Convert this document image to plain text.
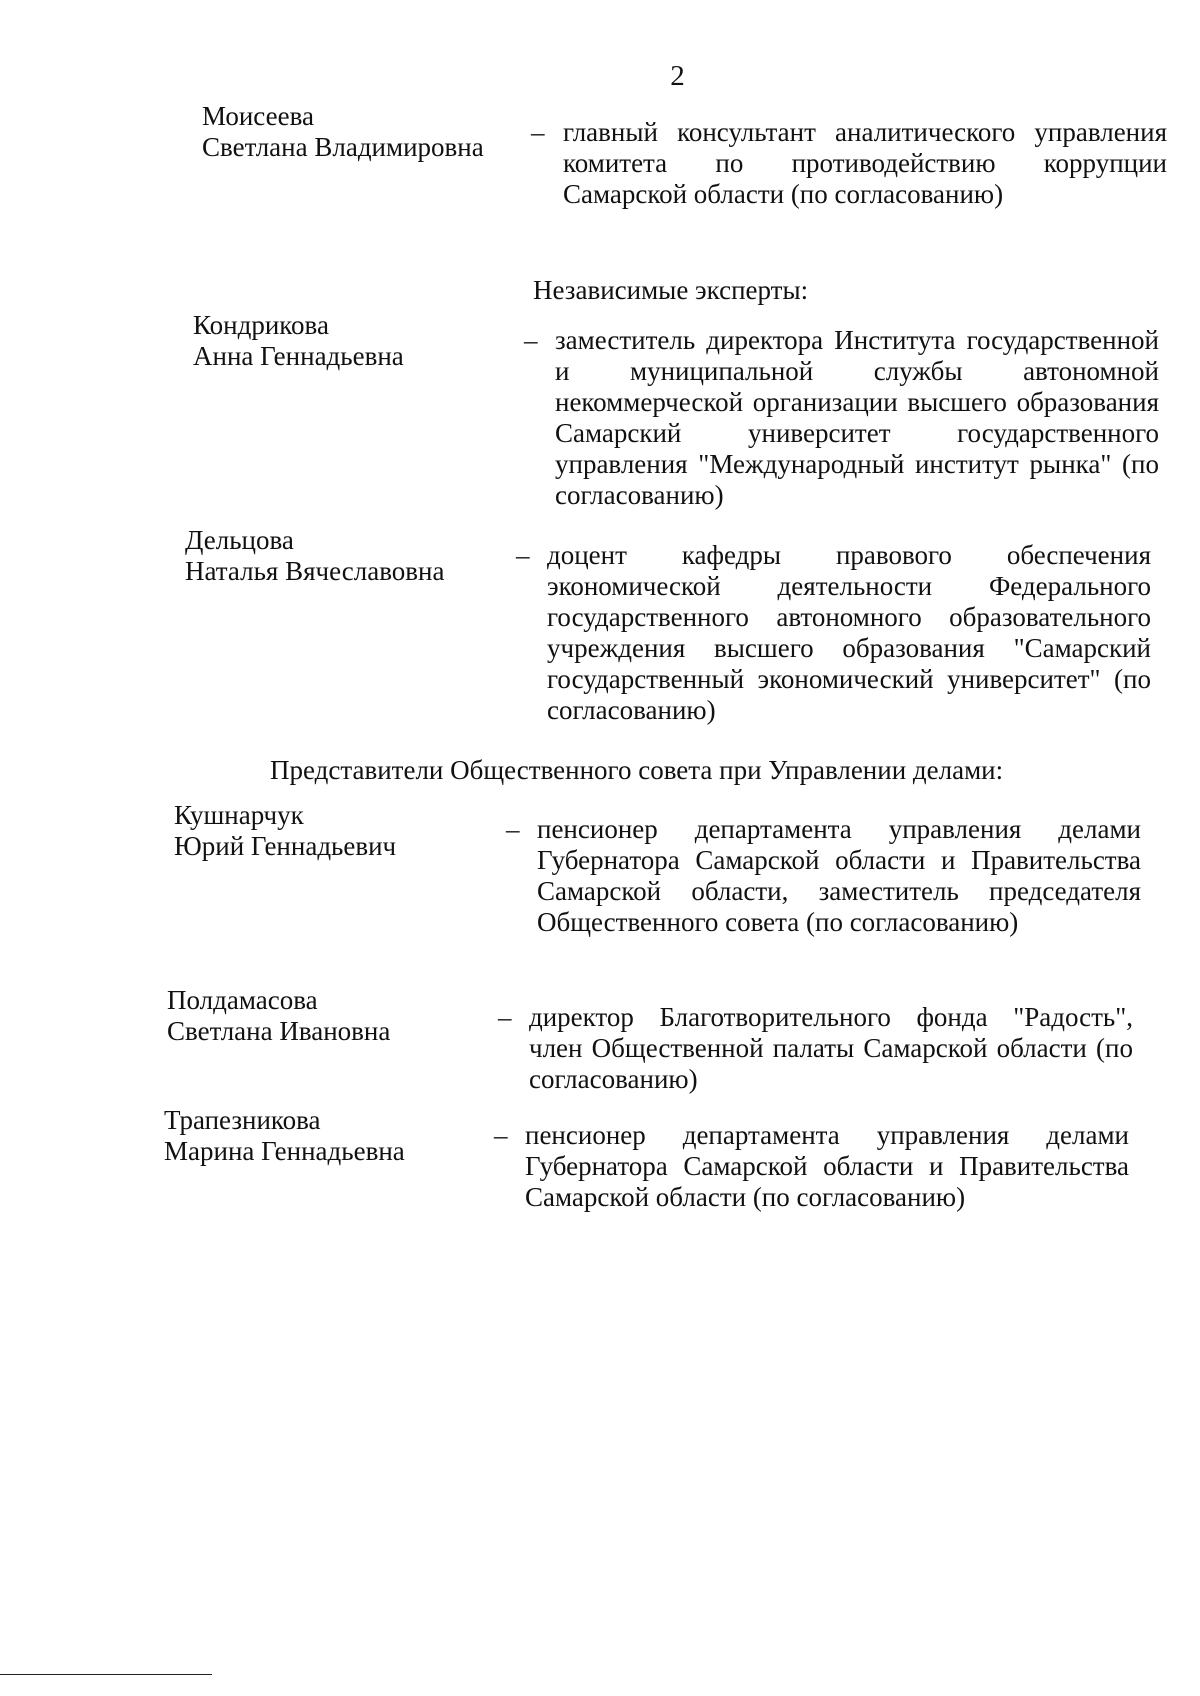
2
Моисеева
Светлана Владимировна – главный консультант аналитического управления комитета по противодействию коррупции Самарской области (по согласованию)
Независимые эксперты:
Кондрикова
Анна Геннадьевна
– заместитель директора Института государственной и муниципальной службы автономной некоммерческой организации высшего образования Самарский университет государственного управления "Международный институт рынка" (по согласованию)
Дельцова
Наталья Вячеславовна
– доцент кафедры правового обеспечения экономической деятельности Федерального государственного автономного образовательного учреждения высшего образования "Самарский государственный экономический университет" (по согласованию)
Представители Общественного совета при Управлении делами:
Кушнарчук
Юрий Геннадьевич
– пенсионер департамента управления делами Губернатора Самарской области и Правительства Самарской области, заместитель председателя Общественного совета (по согласованию)
Полдамасова
Светлана Ивановна	– директор Благотворительного фонда "Радость", член Общественной палаты Самарской области (по согласованию)
Трапезникова
Марина Геннадьевна
– пенсионер департамента управления делами Губернатора Самарской области и Правительства Самарской области (по согласованию)
